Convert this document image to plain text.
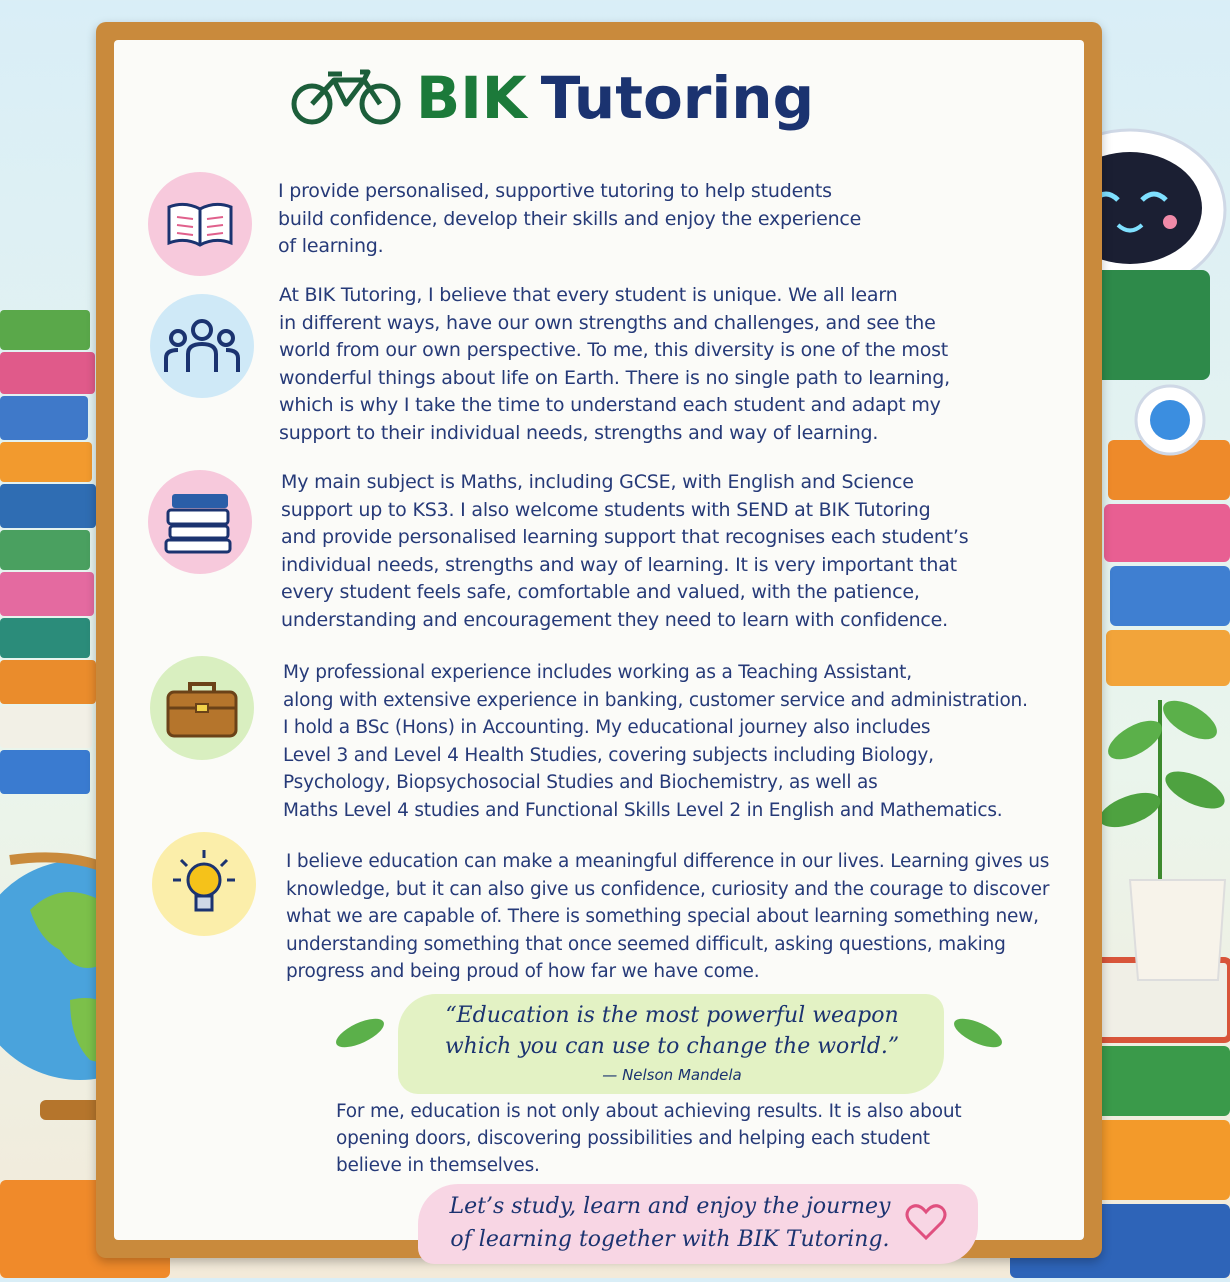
BIK Tutoring
I provide personalised, supportive tutoring to help students
build confidence, develop their skills and enjoy the experience
of learning.
At BIK Tutoring, I believe that every student is unique. We all learn
in different ways, have our own strengths and challenges, and see the
world from our own perspective. To me, this diversity is one of the most
wonderful things about life on Earth. There is no single path to learning,
which is why I take the time to understand each student and adapt my
support to their individual needs, strengths and way of learning.
My main subject is Maths, including GCSE, with English and Science
support up to KS3. I also welcome students with SEND at BIK Tutoring
and provide personalised learning support that recognises each student’s
individual needs, strengths and way of learning. It is very important that
every student feels safe, comfortable and valued, with the patience,
understanding and encouragement they need to learn with confidence.
My professional experience includes working as a Teaching Assistant,
along with extensive experience in banking, customer service and administration.
I hold a BSc (Hons) in Accounting. My educational journey also includes
Level 3 and Level 4 Health Studies, covering subjects including Biology,
Psychology, Biopsychosocial Studies and Biochemistry, as well as
Maths Level 4 studies and Functional Skills Level 2 in English and Mathematics.
I believe education can make a meaningful difference in our lives. Learning gives us
knowledge, but it can also give us confidence, curiosity and the courage to discover
what we are capable of. There is something special about learning something new,
understanding something that once seemed difficult, asking questions, making
progress and being proud of how far we have come.
“Education is the most powerful weapon
which you can use to change the world.”
— Nelson Mandela
For me, education is not only about achieving results. It is also about
opening doors, discovering possibilities and helping each student
believe in themselves.
Let’s study, learn and enjoy the journey
of learning together with BIK Tutoring.
